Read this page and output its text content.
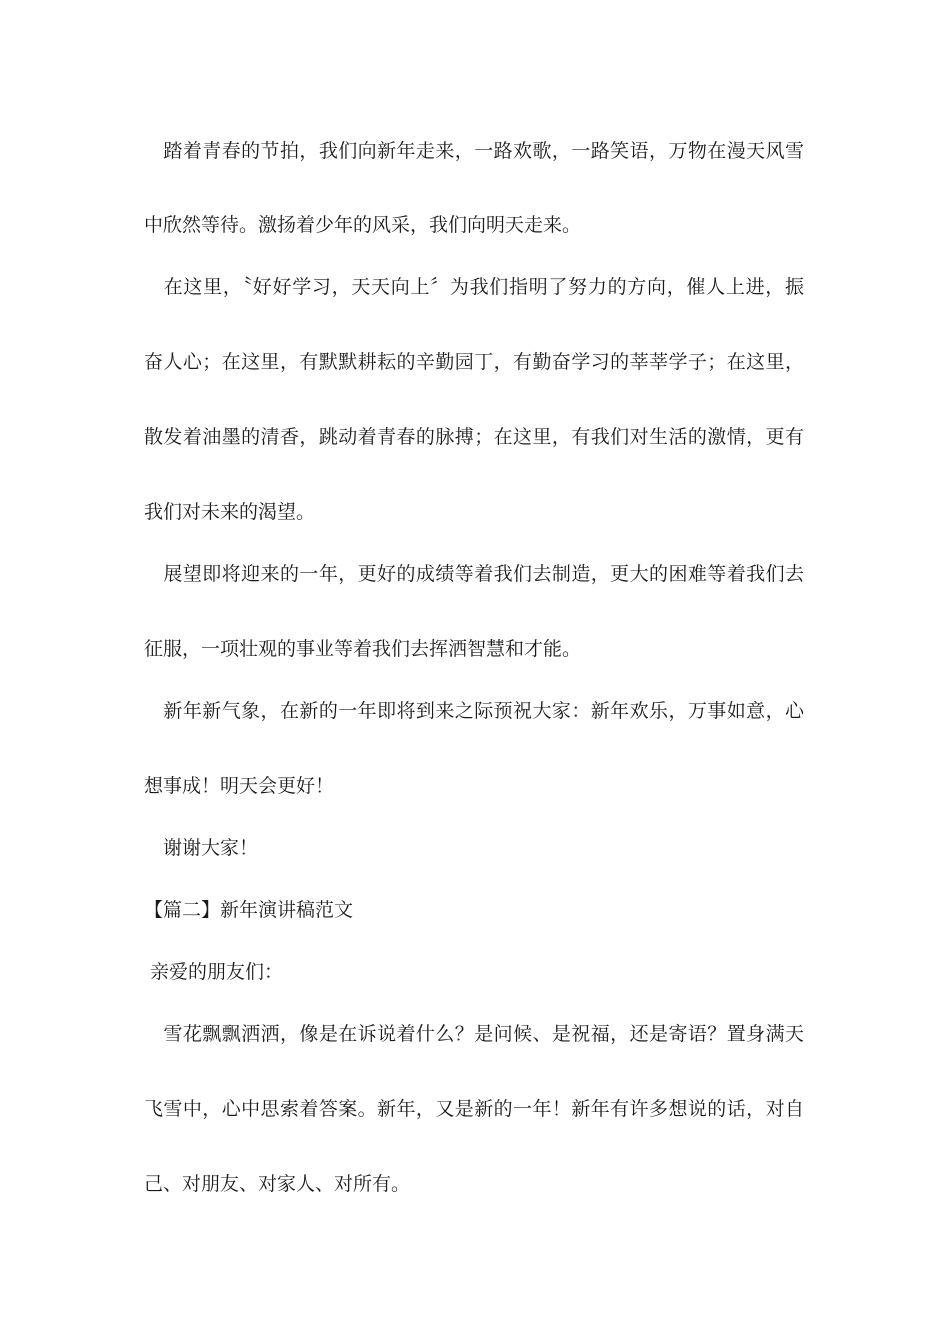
　踏着青春的节拍，我们向新年走来，一路欢歌，一路笑语，万物在漫天风雪
中欣然等待。激扬着少年的风采，我们向明天走来。
　在这里，〝好好学习，天天向上〞为我们指明了努力的方向，催人上进，振
奋人心；在这里，有默默耕耘的辛勤园丁，有勤奋学习的莘莘学子；在这里，
散发着油墨的清香，跳动着青春的脉搏；在这里，有我们对生活的激情，更有
我们对未来的渴望。
　展望即将迎来的一年，更好的成绩等着我们去制造，更大的困难等着我们去
征服，一项壮观的事业等着我们去挥洒智慧和才能。
　新年新气象，在新的一年即将到来之际预祝大家：新年欢乐，万事如意，心
想事成！明天会更好！
　谢谢大家！
【篇二】新年演讲稿范文
亲爱的朋友们：
　雪花飘飘洒洒，像是在诉说着什么？是问候、是祝福，还是寄语？置身满天
飞雪中，心中思索着答案。新年，又是新的一年！新年有许多想说的话，对自
己、对朋友、对家人、对所有。
